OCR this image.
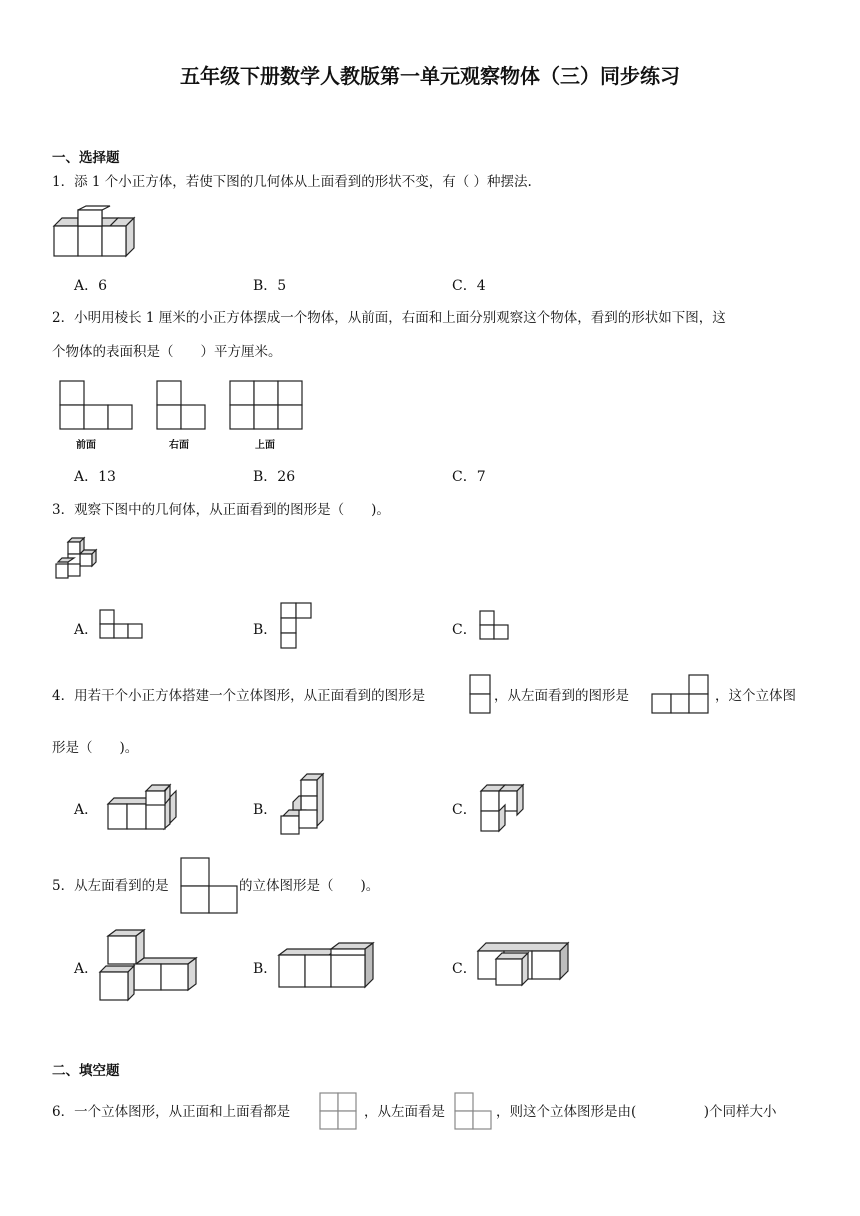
五年级下册数学人教版第一单元观察物体（三）同步练习
一、选择题
1．添 1 个小正方体，若使下图的几何体从上面看到的形状不变，有（ ）种摆法.
A．6	B．5	C．4
2．小明用棱长 1 厘米的小正方体摆成一个物体，从前面，右面和上面分别观察这个物体，看到的形状如下图，这
个物体的表面积是（　　）平方厘米。
前面	右面	上面
A．13	B．26	C．7
3．观察下图中的几何体，从正面看到的图形是（　　)。
A．	B．	C．
4．用若干个小正方体搭建一个立体图形，从正面看到的图形是	，从左面看到的图形是	，这个立体图
形是（　　)。
A．	B．	C．
5．从左面看到的是	的立体图形是（　　)。
A．	B．	C．
二、填空题
6．一个立体图形，从正面和上面看都是	，从左面看是	，则这个立体图形是由(　　　　　)个同样大小
